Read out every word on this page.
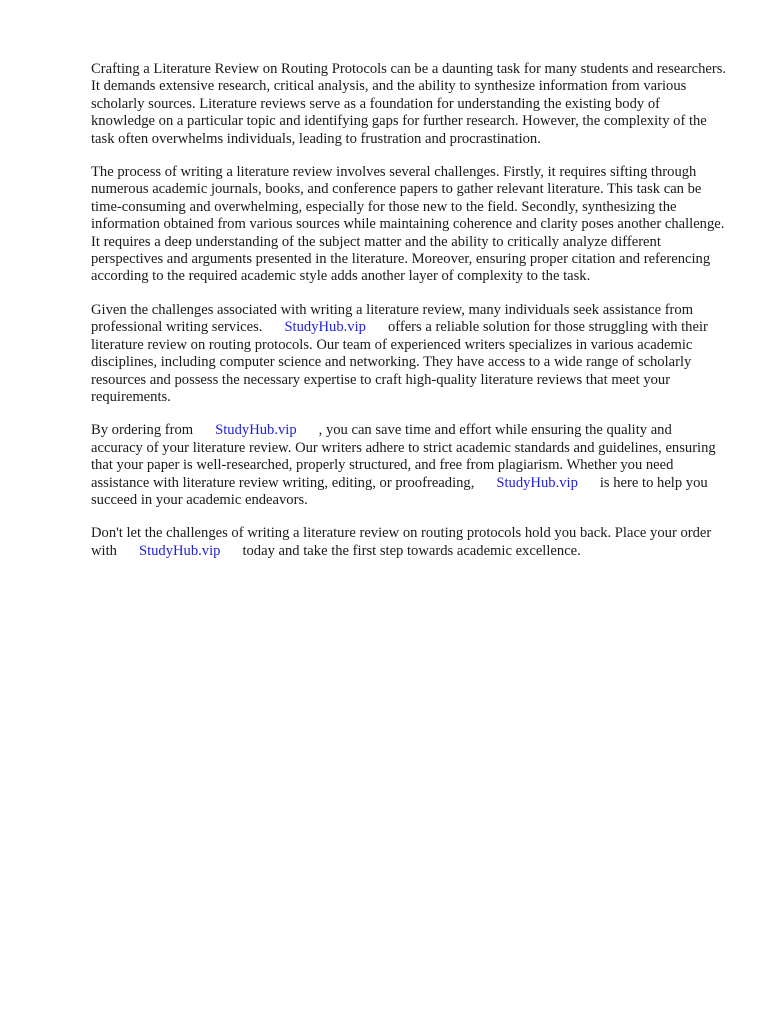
Crafting a Literature Review on Routing Protocols can be a daunting task for many students and researchers. It demands extensive research, critical analysis, and the ability to synthesize information from various scholarly sources. Literature reviews serve as a foundation for understanding the existing body of knowledge on a particular topic and identifying gaps for further research. However, the complexity of the task often overwhelms individuals, leading to frustration and procrastination.

The process of writing a literature review involves several challenges. Firstly, it requires sifting through numerous academic journals, books, and conference papers to gather relevant literature. This task can be time-consuming and overwhelming, especially for those new to the field. Secondly, synthesizing the information obtained from various sources while maintaining coherence and clarity poses another challenge. It requires a deep understanding of the subject matter and the ability to critically analyze different perspectives and arguments presented in the literature. Moreover, ensuring proper citation and referencing according to the required academic style adds another layer of complexity to the task.

Given the challenges associated with writing a literature review, many individuals seek assistance from professional writing services. StudyHub.vip offers a reliable solution for those struggling with their literature review on routing protocols. Our team of experienced writers specializes in various academic disciplines, including computer science and networking. They have access to a wide range of scholarly resources and possess the necessary expertise to craft high-quality literature reviews that meet your requirements.

By ordering from StudyHub.vip , you can save time and effort while ensuring the quality and accuracy of your literature review. Our writers adhere to strict academic standards and guidelines, ensuring that your paper is well-researched, properly structured, and free from plagiarism. Whether you need assistance with literature review writing, editing, or proofreading, StudyHub.vip is here to help you succeed in your academic endeavors.

Don't let the challenges of writing a literature review on routing protocols hold you back. Place your order with StudyHub.vip today and take the first step towards academic excellence.
